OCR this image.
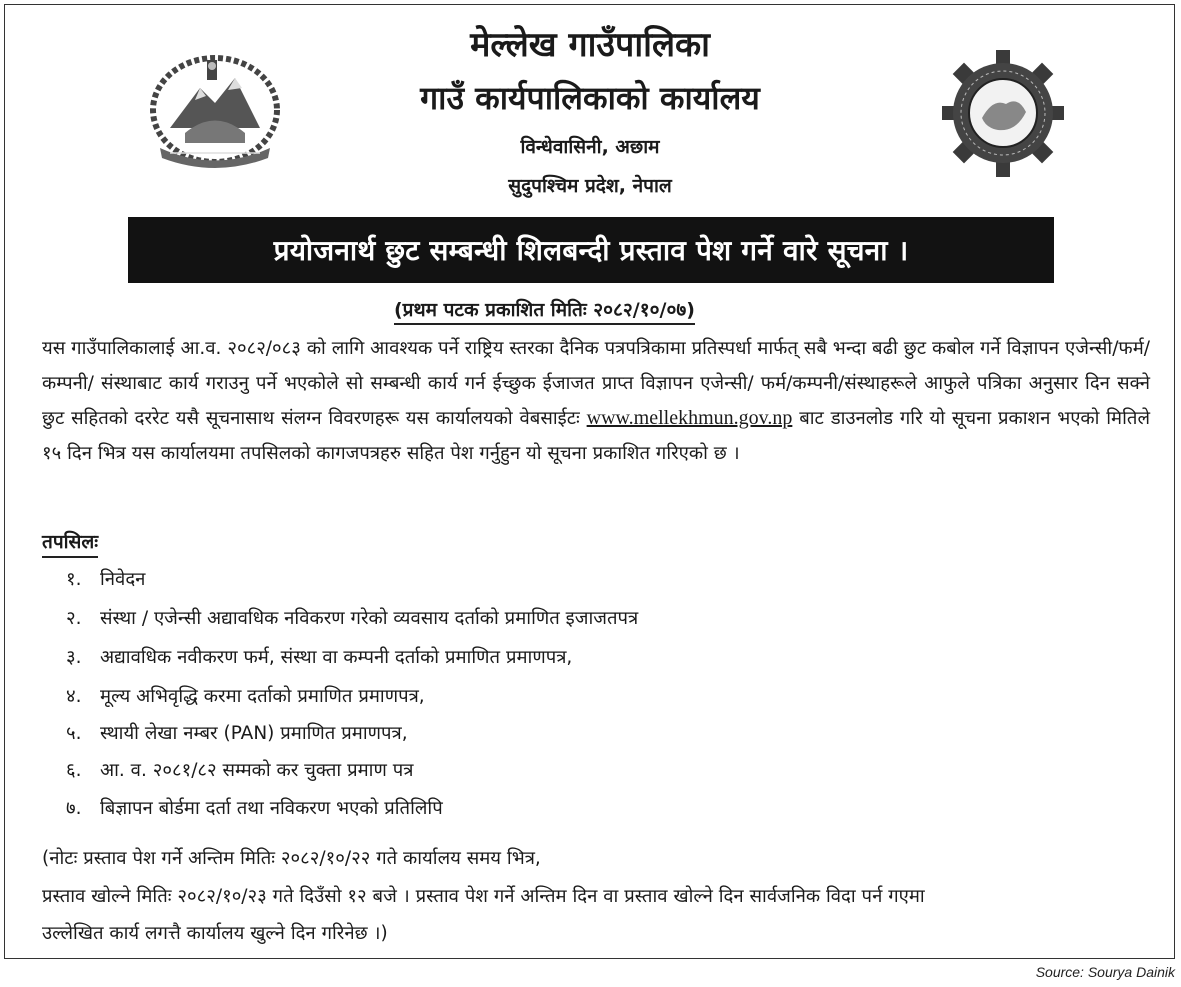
मेल्लेख गाउँपालिका
गाउँ कार्यपालिकाको कार्यालय
विन्धेवासिनी, अछाम
सुदुपश्चिम प्रदेश, नेपाल
प्रयोजनार्थ छुट सम्बन्धी शिलबन्दी प्रस्ताव पेश गर्ने वारे सूचना ।
(प्रथम पटक प्रकाशित मितिः २०८२/१०/०७)
यस गाउँपालिकालाई आ.व. २०८२/०८३ को लागि आवश्यक पर्ने राष्ट्रिय स्तरका दैनिक पत्रपत्रिकामा प्रतिस्पर्धा मार्फत् सबै भन्दा बढी छुट कबोल गर्ने विज्ञापन एजेन्सी/फर्म/कम्पनी/ संस्थाबाट कार्य गराउनु पर्ने भएकोले सो सम्बन्धी कार्य गर्न ईच्छुक ईजाजत प्राप्त विज्ञापन एजेन्सी/ फर्म/कम्पनी/संस्थाहरूले आफुले पत्रिका अनुसार दिन सक्ने छुट सहितको दररेट यसै सूचनासाथ संलग्न विवरणहरू यस कार्यालयको वेबसाईटः www.mellekhmun.gov.np बाट डाउनलोड गरि यो सूचना प्रकाशन भएको मितिले १५ दिन भित्र यस कार्यालयमा तपसिलको कागजपत्रहरु सहित पेश गर्नुहुन यो सूचना प्रकाशित गरिएको छ ।
तपसिलः
१. निवेदन
२. संस्था / एजेन्सी अद्यावधिक नविकरण गरेको व्यवसाय दर्ताको प्रमाणित इजाजतपत्र
३. अद्यावधिक नवीकरण फर्म, संस्था वा कम्पनी दर्ताको प्रमाणित प्रमाणपत्र,
४. मूल्य अभिवृद्धि करमा दर्ताको प्रमाणित प्रमाणपत्र,
५. स्थायी लेखा नम्बर (PAN) प्रमाणित प्रमाणपत्र,
६. आ. व. २०८१/८२ सम्मको कर चुक्ता प्रमाण पत्र
७. बिज्ञापन बोर्डमा दर्ता तथा नविकरण भएको प्रतिलिपि
(नोटः प्रस्ताव पेश गर्ने अन्तिम मितिः २०८२/१०/२२ गते कार्यालय समय भित्र,
प्रस्ताव खोल्ने मितिः २०८२/१०/२३ गते दिउँसो १२ बजे । प्रस्ताव पेश गर्ने अन्तिम दिन वा प्रस्ताव खोल्ने दिन सार्वजनिक विदा पर्न गएमा
उल्लेखित कार्य लगत्तै कार्यालय खुल्ने दिन गरिनेछ ।)
Source: Sourya Dainik
